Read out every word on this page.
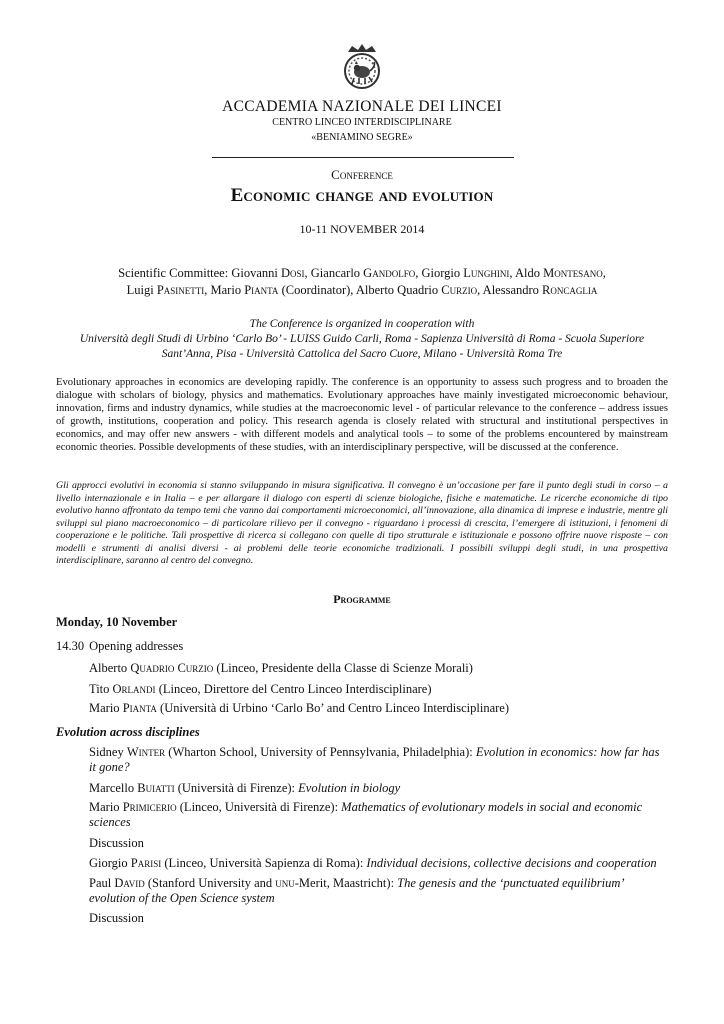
ACCADEMIA NAZIONALE DEI LINCEI
CENTRO LINCEO INTERDISCIPLINARE
«BENIAMINO SEGRE»
Conference
Economic change and evolution
10-11 NOVEMBER 2014
Scientific Committee: Giovanni Dosi, Giancarlo Gandolfo, Giorgio Lunghini, Aldo Montesano,
Luigi Pasinetti, Mario Pianta (Coordinator), Alberto Quadrio Curzio, Alessandro Roncaglia
The Conference is organized in cooperation with
Università degli Studi di Urbino ‘Carlo Bo’ - LUISS Guido Carli, Roma - Sapienza Università di Roma - Scuola Superiore
Sant’Anna, Pisa - Università Cattolica del Sacro Cuore, Milano - Università Roma Tre
Evolutionary approaches in economics are developing rapidly. The conference is an opportunity to assess such progress and to broaden the dialogue with scholars of biology, physics and mathematics. Evolutionary approaches have mainly investigated microeconomic behaviour, innovation, firms and industry dynamics, while studies at the macroeconomic level - of particular relevance to the conference – address issues of growth, institutions, cooperation and policy. This research agenda is closely related with structural and institutional perspectives in economics, and may offer new answers - with different models and analytical tools – to some of the problems encountered by mainstream economic theories. Possible developments of these studies, with an interdisciplinary perspective, will be discussed at the conference.
Gli approcci evolutivi in economia si stanno sviluppando in misura significativa. Il convegno è un’occasione per fare il punto degli studi in corso – a livello internazionale e in Italia – e per allargare il dialogo con esperti di scienze biologiche, fisiche e matematiche. Le ricerche economiche di tipo evolutivo hanno affrontato da tempo temi che vanno dai comportamenti microeconomici, all’innovazione, alla dinamica di imprese e industrie, mentre gli sviluppi sul piano macroeconomico – di particolare rilievo per il convegno - riguardano i processi di crescita, l’emergere di istituzioni, i fenomeni di cooperazione e le politiche. Tali prospettive di ricerca si collegano con quelle di tipo strutturale e istituzionale e possono offrire nuove risposte – con modelli e strumenti di analisi diversi - ai problemi delle teorie economiche tradizionali. I possibili sviluppi degli studi, in una prospettiva interdisciplinare, saranno al centro del convegno.
Programme
Monday, 10 November
14.30 Opening addresses
Alberto Quadrio Curzio (Linceo, Presidente della Classe di Scienze Morali)
Tito Orlandi (Linceo, Direttore del Centro Linceo Interdisciplinare)
Mario Pianta (Università di Urbino ‘Carlo Bo’ and Centro Linceo Interdisciplinare)
Evolution across disciplines
Sidney Winter (Wharton School, University of Pennsylvania, Philadelphia): Evolution in economics: how far has it gone?
Marcello Buiatti (Università di Firenze): Evolution in biology
Mario Primicerio (Linceo, Università di Firenze): Mathematics of evolutionary models in social and economic sciences
Discussion
Giorgio Parisi (Linceo, Università Sapienza di Roma): Individual decisions, collective decisions and cooperation
Paul David (Stanford University and unu-Merit, Maastricht): The genesis and the ‘punctuated equilibrium’ evolution of the Open Science system
Discussion
